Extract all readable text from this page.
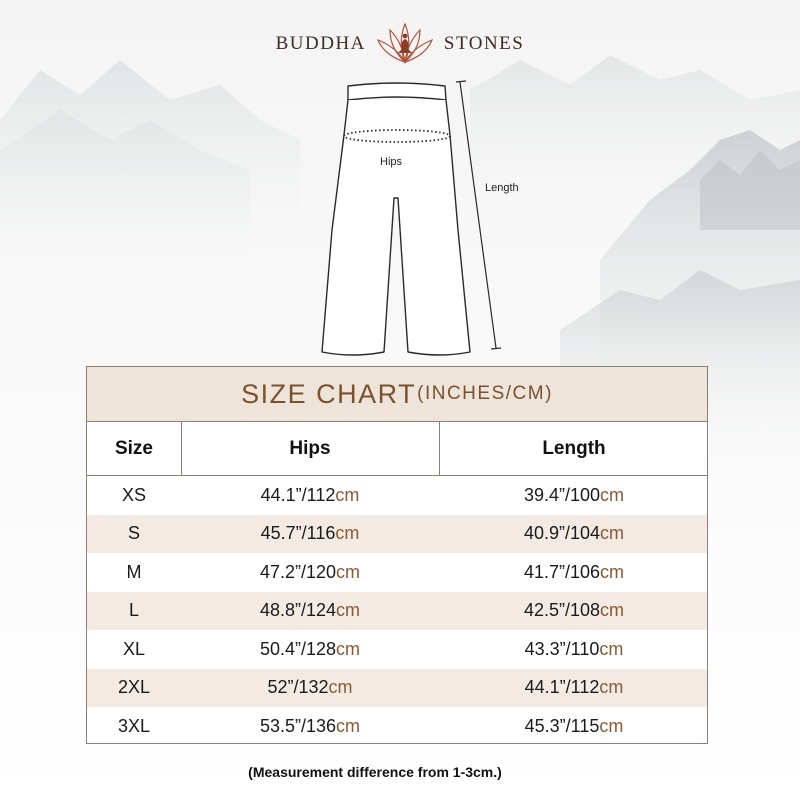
BUDDHA	STONES
Hips
Length
SIZE CHART (INCHES/CM)
Size	Hips	Length
XS	44.1” /112 cm	39.4” /100 cm
S	45.7” /116 cm	40.9” /104 cm
M	47.2” /120 cm	41.7” /106 cm
L	48.8” /124 cm	42.5” /108 cm
XL	50.4” /128 cm	43.3” /110 cm
2XL	52” /132 cm	44.1” /112 cm
3XL	53.5” /136 cm	45.3” /115 cm
(Measurement difference from 1-3cm.)
